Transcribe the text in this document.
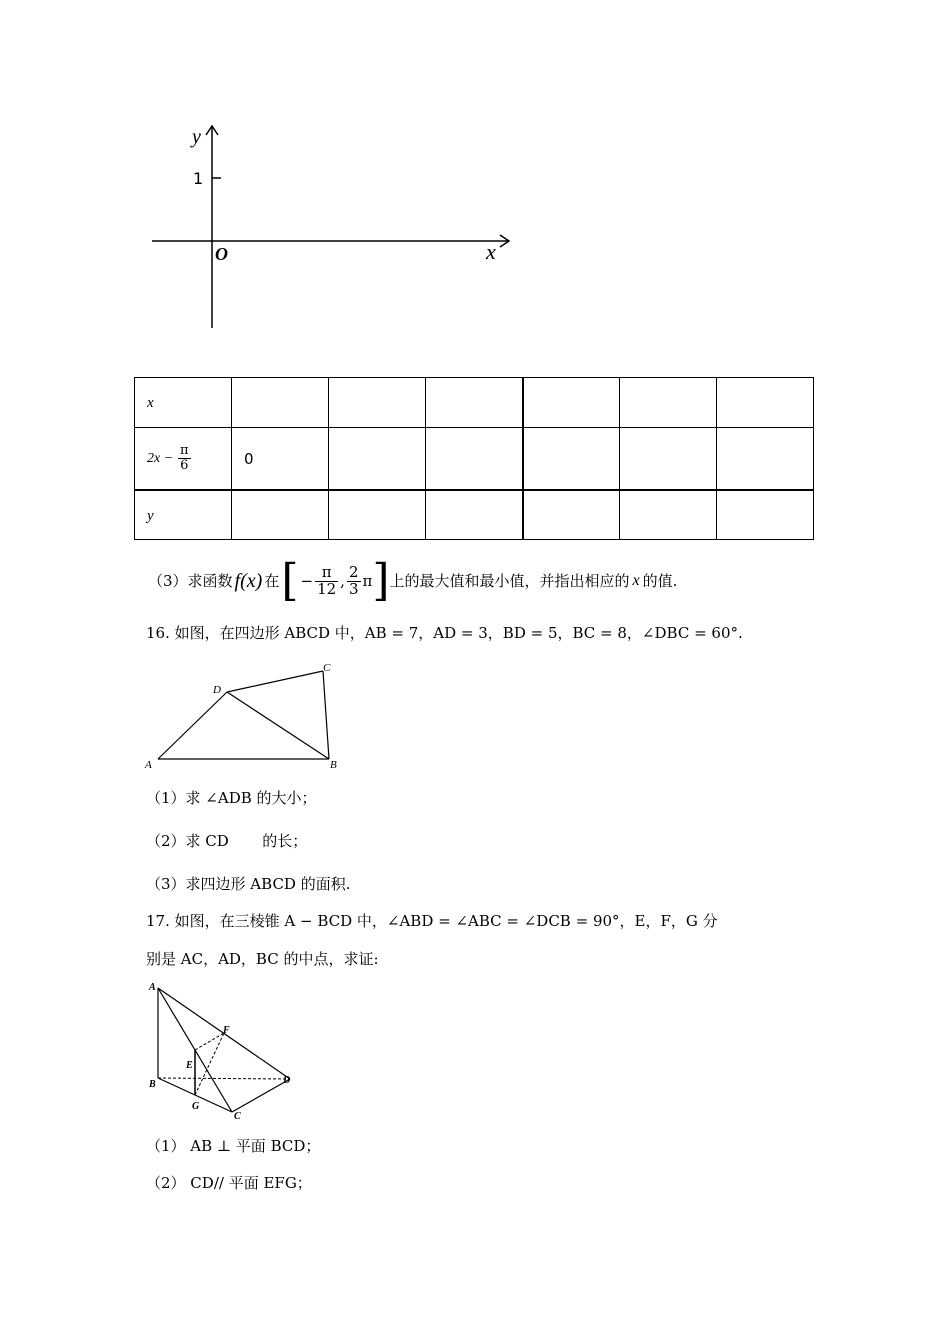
y
1
O	x
x						
$2x - \frac{\pi}{6}$	0					
y						
（3）求函数 f(x) 在 [ − $\frac{\pi}{12}$ , $\frac{2}{3}$ π ] 上的最大值和最小值，并指出相应的 x 的值.
16. 如图，在四边形 ABCD 中，AB = 7，AD = 3，BD = 5，BC = 8，∠DBC = 60°.
A	B
C
D
（1）求 ∠ADB 的大小；
（2）求 CD       的长；
（3）求四边形 ABCD 的面积.
17. 如图，在三棱锥 A − BCD 中，∠ABD = ∠ABC = ∠DCB = 90°，E，F，G 分
别是 AC，AD，BC 的中点，求证:
A
B
C
D
E
F
G
（1） AB ⊥ 平面 BCD；
（2） CD// 平面 EFG；
